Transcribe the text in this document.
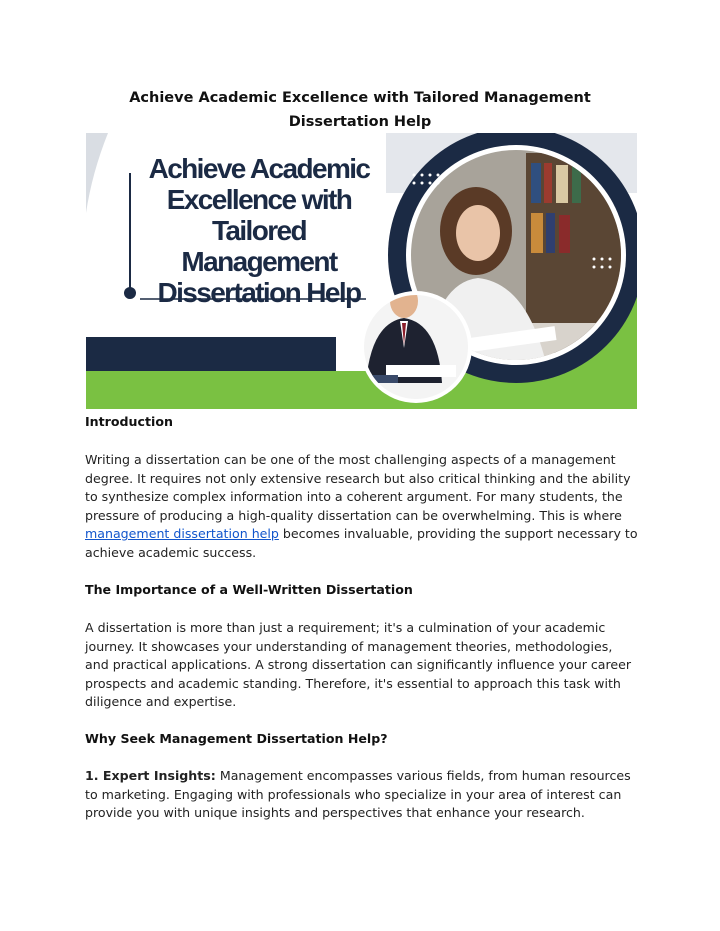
Achieve Academic Excellence with Tailored Management Dissertation Help
Achieve Academic Excellence with Tailored Management Dissertation Help
Introduction

Writing a dissertation can be one of the most challenging aspects of a management degree. It requires not only extensive research but also critical thinking and the ability to synthesize complex information into a coherent argument. For many students, the pressure of producing a high-quality dissertation can be overwhelming. This is where management dissertation help becomes invaluable, providing the support necessary to achieve academic success.

The Importance of a Well-Written Dissertation

A dissertation is more than just a requirement; it's a culmination of your academic journey. It showcases your understanding of management theories, methodologies, and practical applications. A strong dissertation can significantly influence your career prospects and academic standing. Therefore, it's essential to approach this task with diligence and expertise.

Why Seek Management Dissertation Help?

1. Expert Insights: Management encompasses various fields, from human resources to marketing. Engaging with professionals who specialize in your area of interest can provide you with unique insights and perspectives that enhance your research.
